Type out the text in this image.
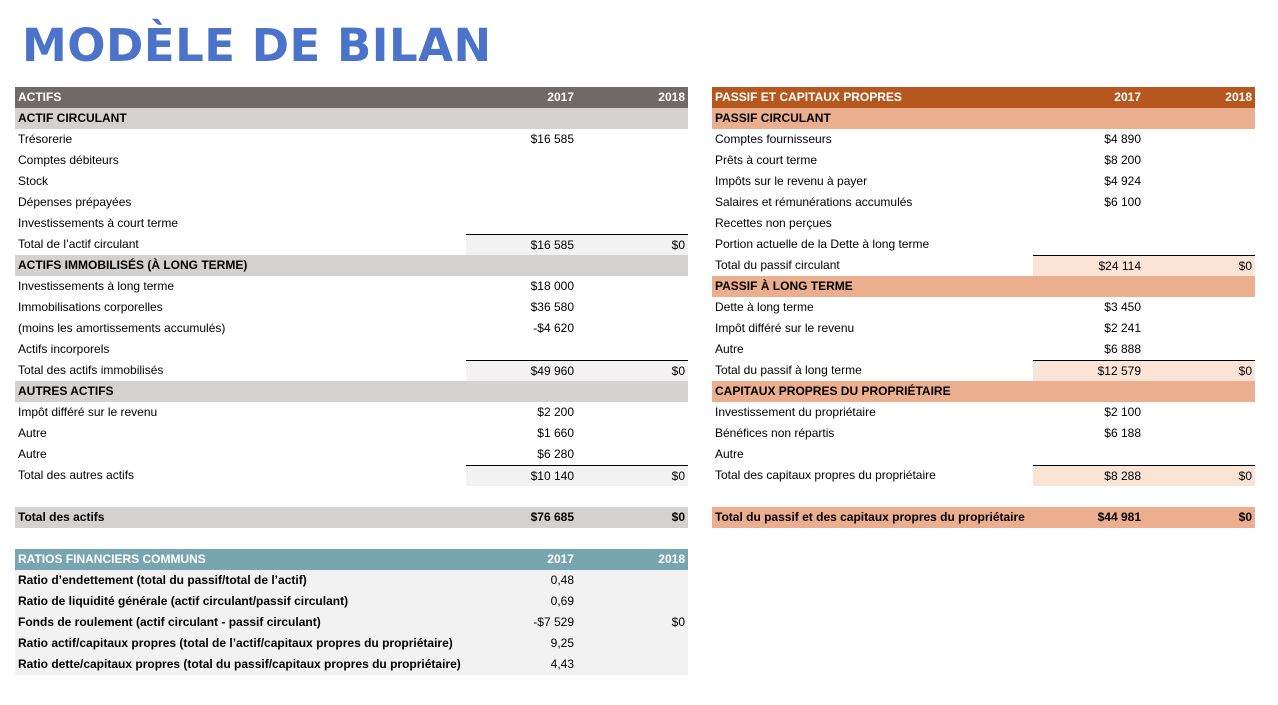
MODÈLE DE BILAN
ACTIFS	2017	2018
ACTIF CIRCULANT
Trésorerie	$16 585
Comptes débiteurs
Stock
Dépenses prépayées
Investissements à court terme
Total de l’actif circulant	$16 585	$0
ACTIFS IMMOBILISÉS (À LONG TERME)
Investissements à long terme	$18 000
Immobilisations corporelles	$36 580
(moins les amortissements accumulés)	-$4 620
Actifs incorporels
Total des actifs immobilisés	$49 960	$0
AUTRES ACTIFS
Impôt différé sur le revenu	$2 200
Autre	$1 660
Autre	$6 280
Total des autres actifs	$10 140	$0
Total des actifs	$76 685	$0
PASSIF ET CAPITAUX PROPRES	2017	2018
PASSIF CIRCULANT
Comptes fournisseurs	$4 890
Prêts à court terme	$8 200
Impôts sur le revenu à payer	$4 924
Salaires et rémunérations accumulés	$6 100
Recettes non perçues
Portion actuelle de la Dette à long terme
Total du passif circulant	$24 114	$0
PASSIF À LONG TERME
Dette à long terme	$3 450
Impôt différé sur le revenu	$2 241
Autre	$6 888
Total du passif à long terme	$12 579	$0
CAPITAUX PROPRES DU PROPRIÉTAIRE
Investissement du propriétaire	$2 100
Bénéfices non répartis	$6 188
Autre
Total des capitaux propres du propriétaire	$8 288	$0
Total du passif et des capitaux propres du propriétaire	$44 981	$0
RATIOS FINANCIERS COMMUNS	2017	2018
Ratio d’endettement (total du passif/total de l’actif)	0,48
Ratio de liquidité générale (actif circulant/passif circulant)	0,69
Fonds de roulement (actif circulant - passif circulant)	-$7 529	$0
Ratio actif/capitaux propres (total de l’actif/capitaux propres du propriétaire)	9,25
Ratio dette/capitaux propres (total du passif/capitaux propres du propriétaire)	4,43
